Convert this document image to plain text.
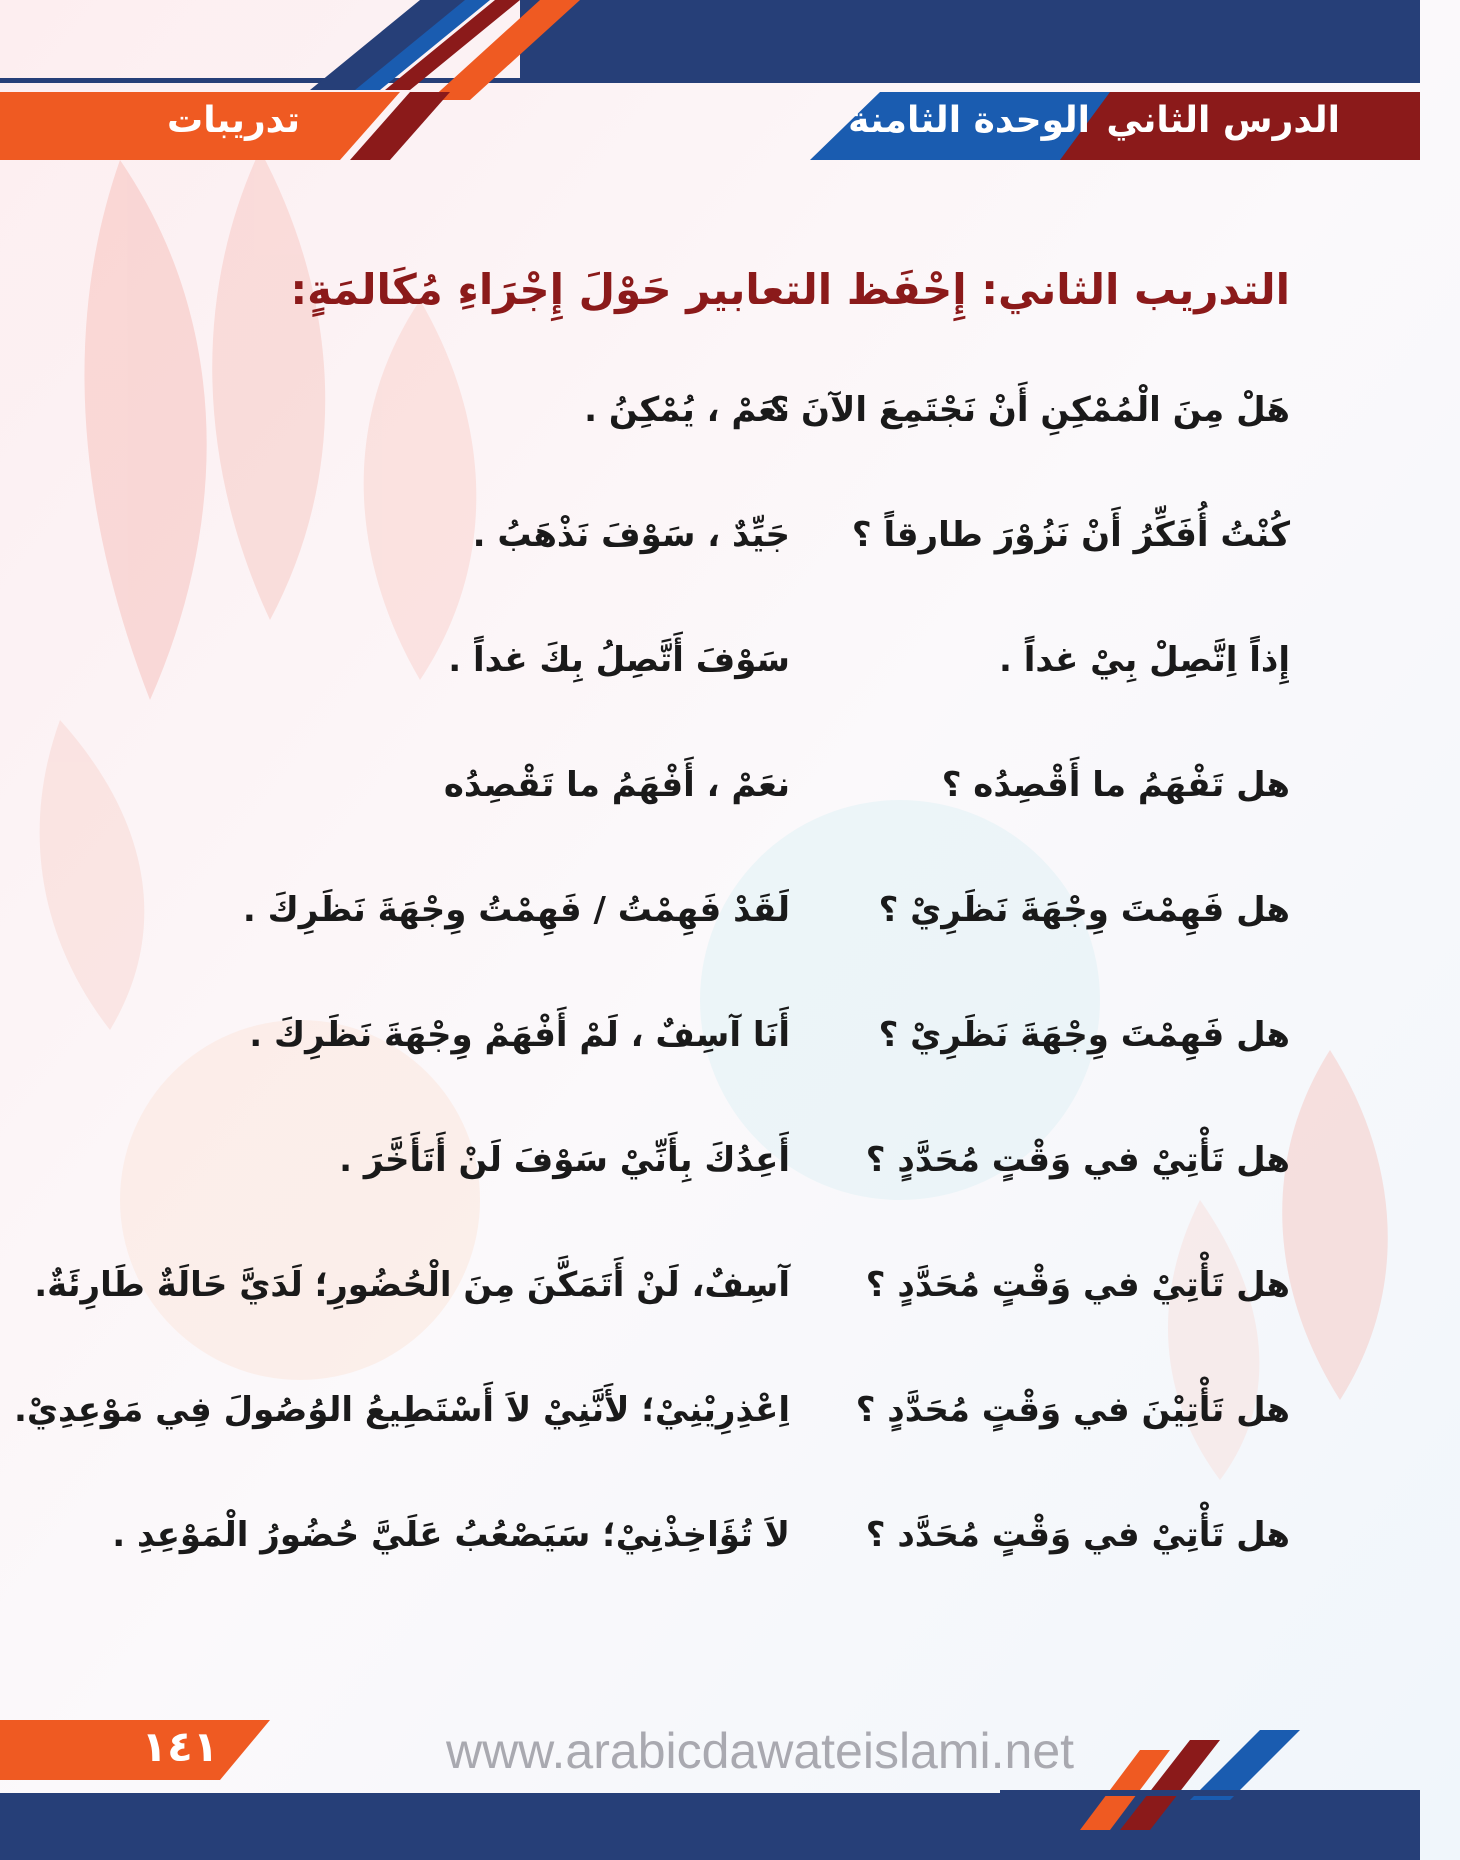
الدرس الثاني
الوحدة الثامنة
تدريبات
التدريب الثاني: إِحْفَظ التعابير حَوْلَ إِجْرَاءِ مُكَالمَةٍ:
هَلْ مِنَ الْمُمْكِنِ أَنْ نَجْتَمِعَ الآنَ ؟
نعَمْ ، يُمْكِنُ .
كُنْتُ أُفَكِّرُ أَنْ نَزُوْرَ طارقاً ؟
جَيِّدٌ ، سَوْفَ نَذْهَبُ .
إِذاً اِتَّصِلْ بِيْ غداً .
سَوْفَ أَتَّصِلُ بِكَ غداً .
هل تَفْهَمُ ما أَقْصِدُه ؟
نعَمْ ، أَفْهَمُ ما تَقْصِدُه
هل فَهِمْتَ وِجْهَةَ نَظَرِيْ ؟
لَقَدْ فَهِمْتُ / فَهِمْتُ وِجْهَةَ نَظَرِكَ .
هل فَهِمْتَ وِجْهَةَ نَظَرِيْ ؟
أَنَا آسِفٌ ، لَمْ أَفْهَمْ وِجْهَةَ نَظَرِكَ .
هل تَأْتِيْ في وَقْتٍ مُحَدَّدٍ ؟
أَعِدُكَ بِأَنِّيْ سَوْفَ لَنْ أَتَأَخَّرَ .
هل تَأْتِيْ في وَقْتٍ مُحَدَّدٍ ؟
آسِفٌ، لَنْ أَتَمَكَّنَ مِنَ الْحُضُورِ؛ لَدَيَّ حَالَةٌ طَارِئَةٌ.
هل تَأْتِيْنَ في وَقْتٍ مُحَدَّدٍ ؟
اِعْذِرِيْنِيْ؛ لأَنَّنِيْ لاَ أَسْتَطِيعُ الوُصُولَ فِي مَوْعِدِيْ.
هل تَأْتِيْ في وَقْتٍ مُحَدَّد ؟
لاَ تُؤَاخِذْنِيْ؛ سَيَصْعُبُ عَلَيَّ حُضُورُ الْمَوْعِدِ .
١٤١	www.arabicdawateislami.net
